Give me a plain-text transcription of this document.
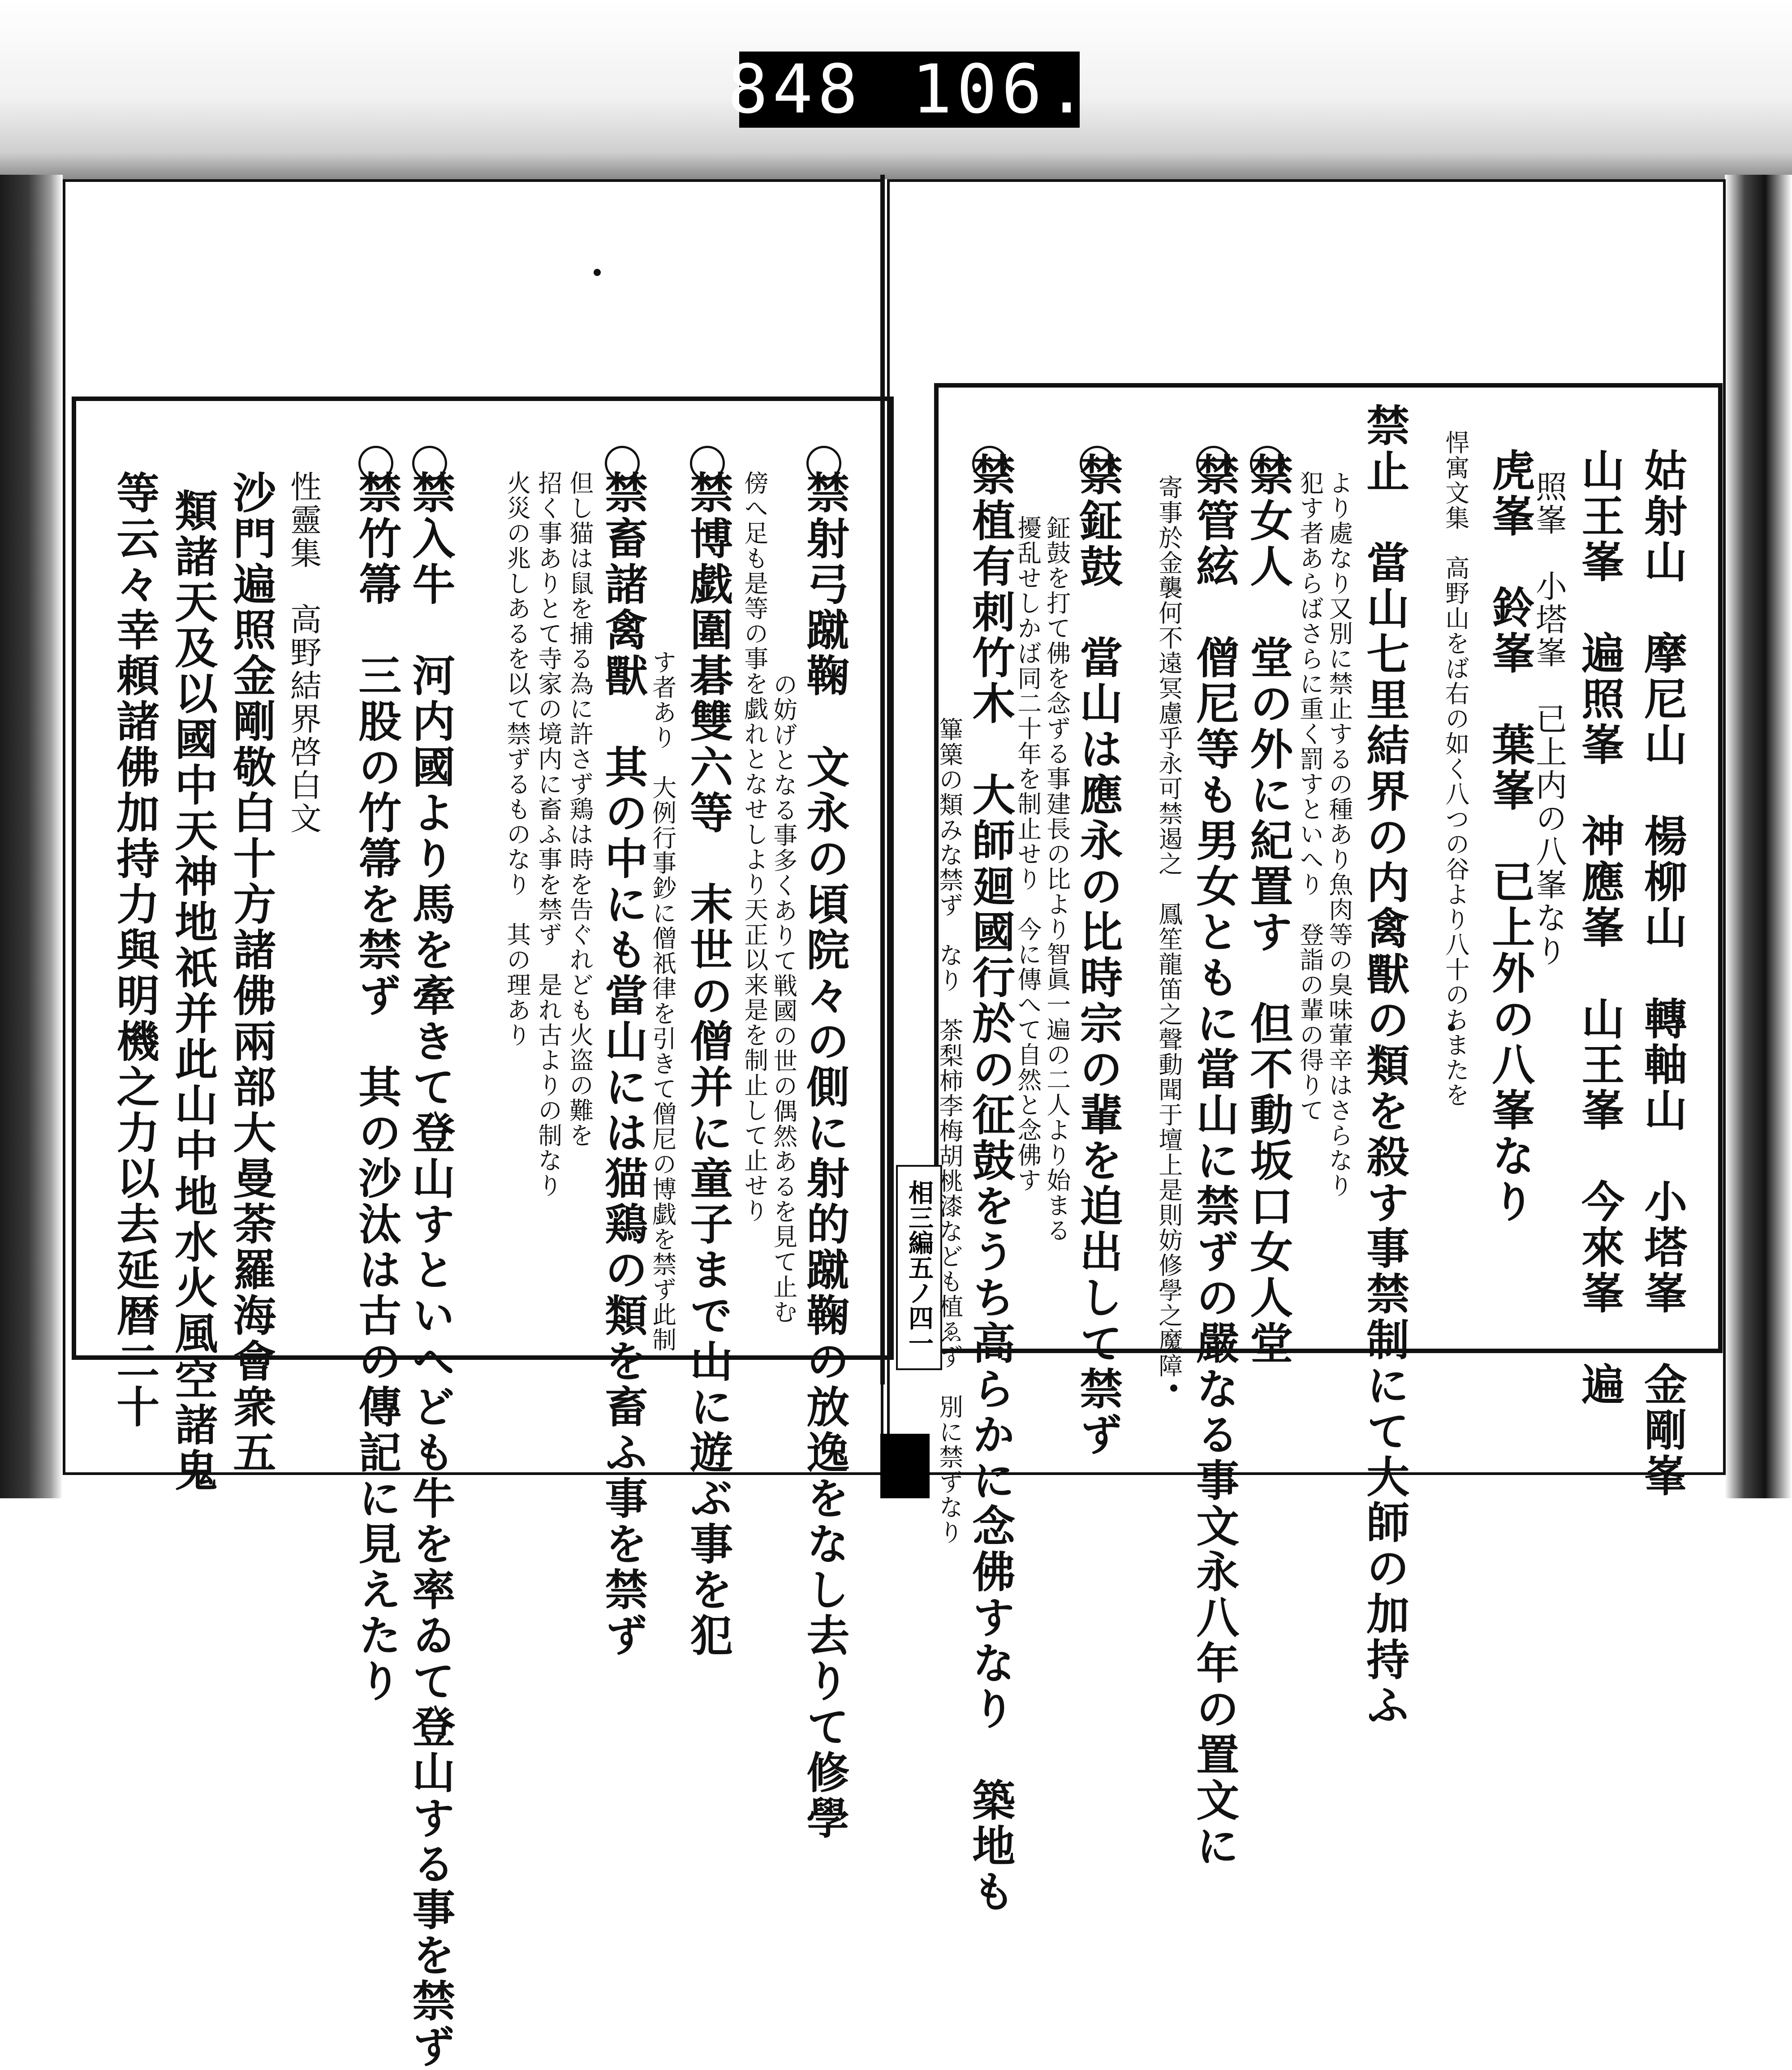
848 106.
相三編五ノ四一	姑射山　摩尼山　楊柳山　轉軸山　小塔峯　金剛峯
山王峯　遍照峯　神應峯　山王峯　今來峯　遍
照峯　小塔峯　已上内の八峯なり
虎峯　鈴峯　葉峯　已上外の八峯なり
悍寓文集　高野山をば右の如く八つの谷より八十のちまたを
禁止　當山七里結界の内禽獸の類を殺す事禁制にて大師の加持ふ
より處なり又別に禁止するの種あり魚肉等の臭味葷辛はさらなり
犯す者あらばさらに重く罰すといへり　登詣の輩の得りて
禁女人　堂の外に紀置す　但不動坂口女人堂
禁管絃　僧尼等も男女ともに當山に禁ずの嚴なる事文永八年の置文に
寄事於金襲何不遠冥慮乎永可禁遏之　鳳笙龍笛之聲動聞于壇上是則妨修學之魔障
禁鉦鼓　當山は應永の比時宗の輩を迫出して禁ず
鉦鼓を打て佛を念ずる事建長の比より智眞一遍の二人より始まる
擾乱せしかば同二十年を制止せり　今に傳へて自然と念佛す
禁植有刺竹木　大師廻國行於の征鼓をうち高らかに念佛すなり　築地も
篳篥の類みな禁ず　なり　茶梨柿李梅胡桃漆なども植ゑず　別に禁ずなり
禁射弓蹴鞠　文永の頃院々の側に射的蹴鞠の放逸をなし去りて修學
の妨げとなる事多くありて戦國の世の偶然あるを見て止む
傍へ足も是等の事を戯れとなせしより天正以来是を制止して止せり
禁博戯圍碁雙六等　末世の僧并に童子まで山に遊ぶ事を犯
す者あり　大例行事鈔に僧祇律を引きて僧尼の博戯を禁ず此制
禁畜諸禽獸　其の中にも當山には猫鶏の類を畜ふ事を禁ず
但し猫は鼠を捕る為に許さず鶏は時を告ぐれども火盗の難を
招く事ありとて寺家の境内に畜ふ事を禁ず　是れ古よりの制なり
火災の兆しあるを以て禁ずるものなり　其の理あり
禁入牛　河内國より馬を牽きて登山すといへども牛を率ゐて登山する事を禁ず
禁竹箒　三股の竹箒を禁ず　其の沙汰は古の傳記に見えたり
性靈集　高野結界啓白文
沙門遍照金剛敬白十方諸佛兩部大曼荼羅海會衆五
類諸天及以國中天神地祇并此山中地水火風空諸鬼
等云々幸頼諸佛加持力與明機之力以去延暦二十
